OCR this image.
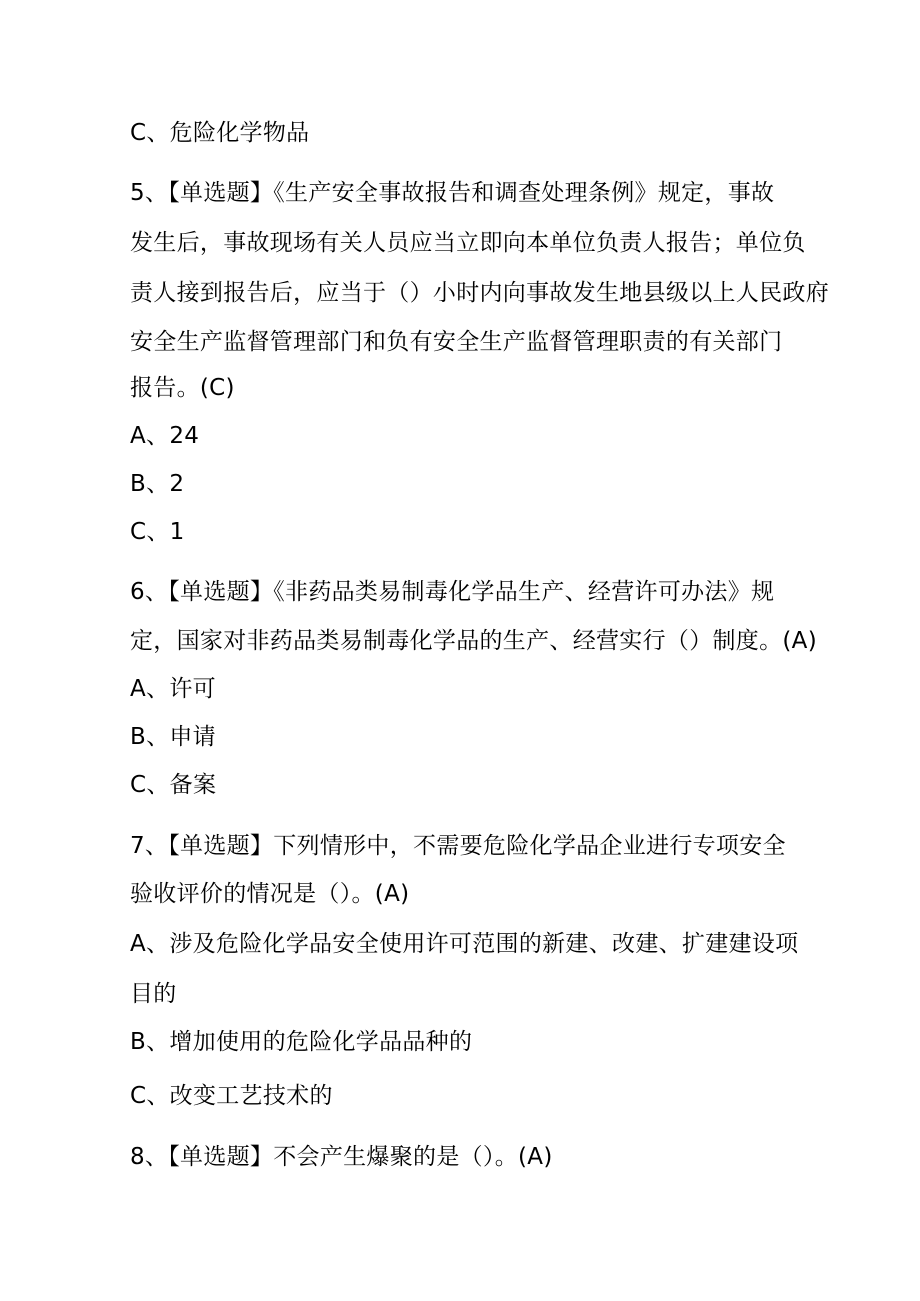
C、危险化学物品
5、【单选题】《生产安全事故报告和调查处理条例》规定，事故
发生后，事故现场有关人员应当立即向本单位负责人报告；单位负
责人接到报告后，应当于（）小时内向事故发生地县级以上人民政府
安全生产监督管理部门和负有安全生产监督管理职责的有关部门
报告。(C)
A、24
B、2
C、1
6、【单选题】《非药品类易制毒化学品生产、经营许可办法》规
定，国家对非药品类易制毒化学品的生产、经营实行（）制度。(A)
A、许可
B、申请
C、备案
7、【单选题】下列情形中，不需要危险化学品企业进行专项安全
验收评价的情况是（）。(A)
A、涉及危险化学品安全使用许可范围的新建、改建、扩建建设项
目的
B、增加使用的危险化学品品种的
C、改变工艺技术的
8、【单选题】不会产生爆聚的是（）。(A)
